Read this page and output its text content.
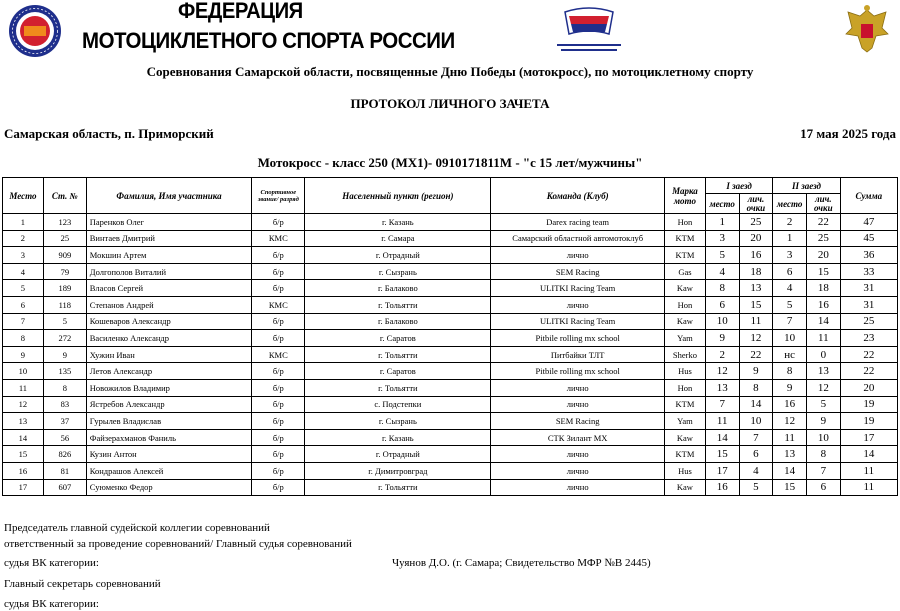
ФЕДЕРАЦИЯ
МОТОЦИКЛЕТНОГО СПОРТА РОССИИ
Соревнования Самарской области, посвященные Дню Победы (мотокросс), по мотоциклетному спорту
ПРОТОКОЛ ЛИЧНОГО ЗАЧЕТА
Самарская область, п. Приморский	17 мая 2025 года
Мотокросс - класс 250 (MX1)- 0910171811М - "с 15 лет/мужчины"
Место	Ст. №	Фамилия, Имя участника	Спортивное звание/ разряд	Населенный пункт (регион)	Команда (Клуб)	Марка мото	I заезд		II заезд		Сумма
							место	лич. очки	место	лич. очки	
1	123	Паренков Олег	б/р	г. Казань	Darex racing team	Hon	1	25	2	22	47
2	25	Винтаев Дмитрий	КМС	г. Самара	Самарский областной автомотоклуб	KTM	3	20	1	25	45
3	909	Мокшин Артем	б/р	г. Отрадный	лично	KTM	5	16	3	20	36
4	79	Долгополов Виталий	б/р	г. Сызрань	SEM Racing	Gas	4	18	6	15	33
5	189	Власов Сергей	б/р	г. Балаково	ULITKI Racing Team	Kaw	8	13	4	18	31
6	118	Степанов Андрей	КМС	г. Тольятти	лично	Hon	6	15	5	16	31
7	5	Кошеваров Александр	б/р	г. Балаково	ULITKI Racing Team	Kaw	10	11	7	14	25
8	272	Василенко Александр	б/р	г. Саратов	Pitbile rolling mx school	Yam	9	12	10	11	23
9	9	Хужин Иван	КМС	г. Тольятти	Питбайки ТЛТ	Sherko	2	22	нс	0	22
10	135	Летов Александр	б/р	г. Саратов	Pitbile rolling mx school	Hus	12	9	8	13	22
11	8	Новожилов Владимир	б/р	г. Тольятти	лично	Hon	13	8	9	12	20
12	83	Ястребов Александр	б/р	с. Подстепки	лично	KTM	7	14	16	5	19
13	37	Гурылев Владислав	б/р	г. Сызрань	SEM Racing	Yam	11	10	12	9	19
14	56	Файзерахманов Фаниль	б/р	г. Казань	СТК Зилант МХ	Kaw	14	7	11	10	17
15	826	Кузин Антон	б/р	г. Отрадный	лично	KTM	15	6	13	8	14
16	81	Кондрашов Алексей	б/р	г. Димитровград	лично	Hus	17	4	14	7	11
17	607	Суюменко Федор	б/р	г. Тольятти	лично	Kaw	16	5	15	6	11
Председатель главной судейской коллегии соревнований
ответственный за проведение соревнований/ Главный судья соревнований
судья ВК категории:	Чуянов Д.О. (г. Самара; Свидетельство МФР №В 2445)
Главный секретарь соревнований
судья ВК категории:
